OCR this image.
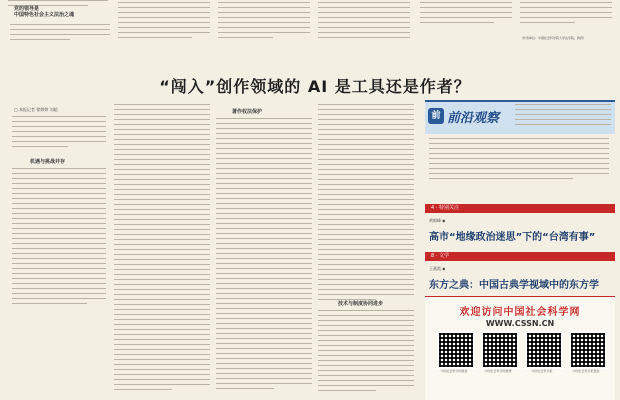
党的领导是
中国特色社会主义法治之魂
（作者单位：中国社会科学院大学法学院，教授）
“闯入”创作领域的 AI 是工具还是作者？
□ 本报记者 徐婷婷 刘超
机遇与挑战并存
著作权法保护
技术与制度协同进步
前 前沿观察
4 · 特别关注
黄细峰 ◆
高市“地缘政治迷思”下的“台湾有事”
8 · 文学
王燕霞 ◆
东方之典：中国古典学视域中的东方学
欢迎访问中国社会科学网
WWW.CSSN.CN
中国社会科学网微信	中国社会科学网微博	中国社会科学报	中国社会科学报微信
